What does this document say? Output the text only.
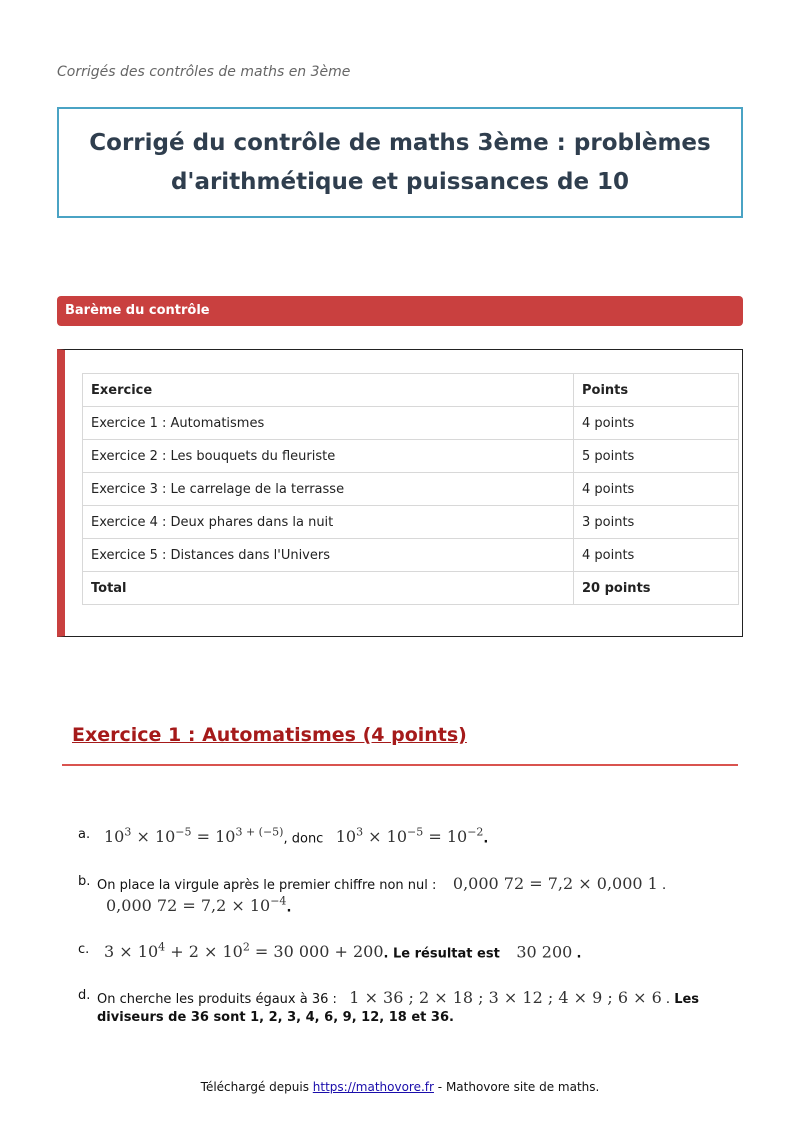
Corrigés des contrôles de maths en 3ème
Corrigé du contrôle de maths 3ème : problèmes d'arithmétique et puissances de 10
Barème du contrôle
Exercice	Points
Exercice 1 : Automatismes	4 points
Exercice 2 : Les bouquets du fleuriste	5 points
Exercice 3 : Le carrelage de la terrasse	4 points
Exercice 4 : Deux phares dans la nuit	3 points
Exercice 5 : Distances dans l'Univers	4 points
Total	20 points
Exercice 1 : Automatismes (4 points)
a. $10^3 \times 10^{-5} = 10^{3 + (-5)}$, donc $10^3 \times 10^{-5} = 10^{-2}$.
b. On place la virgule après le premier chiffre non nul : 0,000 72 = 7,2 × 0,000 1 .
0,000 $72 = 7,2 \times 10^{-4}$.
c. $3 \times 10^4 + 2 \times 10^2 = 30$ 000 + 200. Le résultat est 30 200 .
d. On cherche les produits égaux à 36 : 1 × 36 ; 2 × 18 ; 3 × 12 ; 4 × 9 ; 6 × 6 . Les
diviseurs de 36 sont 1, 2, 3, 4, 6, 9, 12, 18 et 36.
Téléchargé depuis https://mathovore.fr - Mathovore site de maths.
